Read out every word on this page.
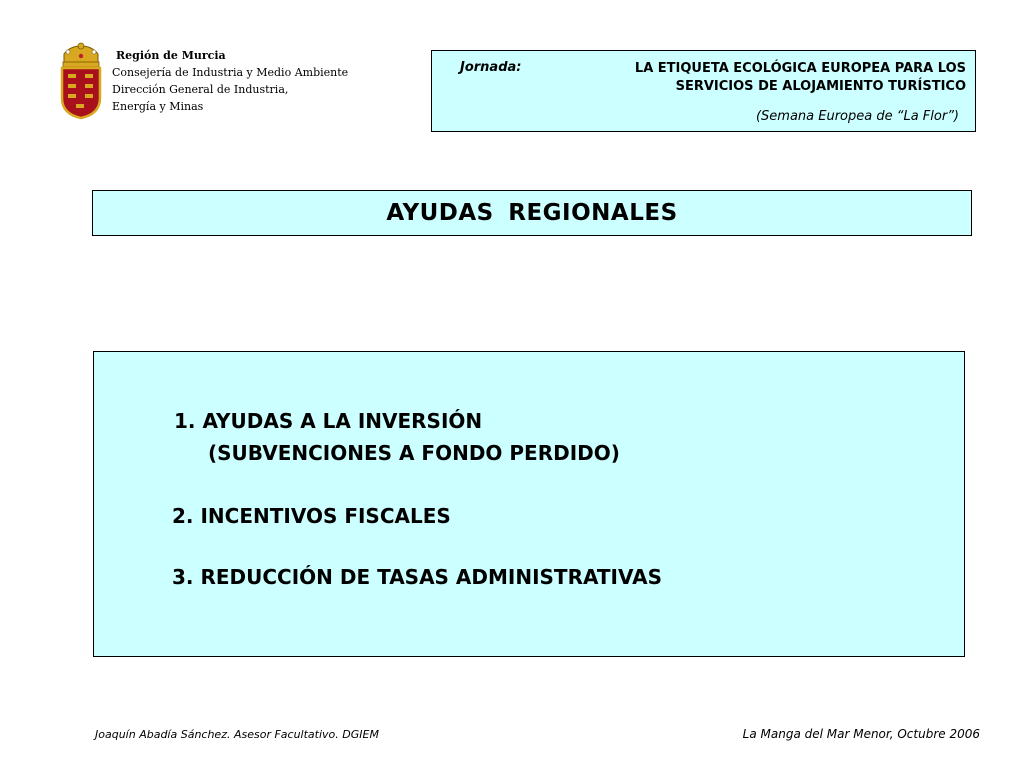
Región de Murcia
Consejería de Industria y Medio Ambiente
Dirección General de Industria,
Energía y Minas
Jornada:	LA ETIQUETA ECOLÓGICA EUROPEA PARA LOS
SERVICIOS DE ALOJAMIENTO TURÍSTICO
(Semana Europea de “La Flor”)
AYUDAS REGIONALES
1. AYUDAS A LA INVERSIÓN
(SUBVENCIONES A FONDO PERDIDO)
2. INCENTIVOS FISCALES
3. REDUCCIÓN DE TASAS ADMINISTRATIVAS
Joaquín Abadía Sánchez. Asesor Facultativo. DGIEM	La Manga del Mar Menor, Octubre 2006
